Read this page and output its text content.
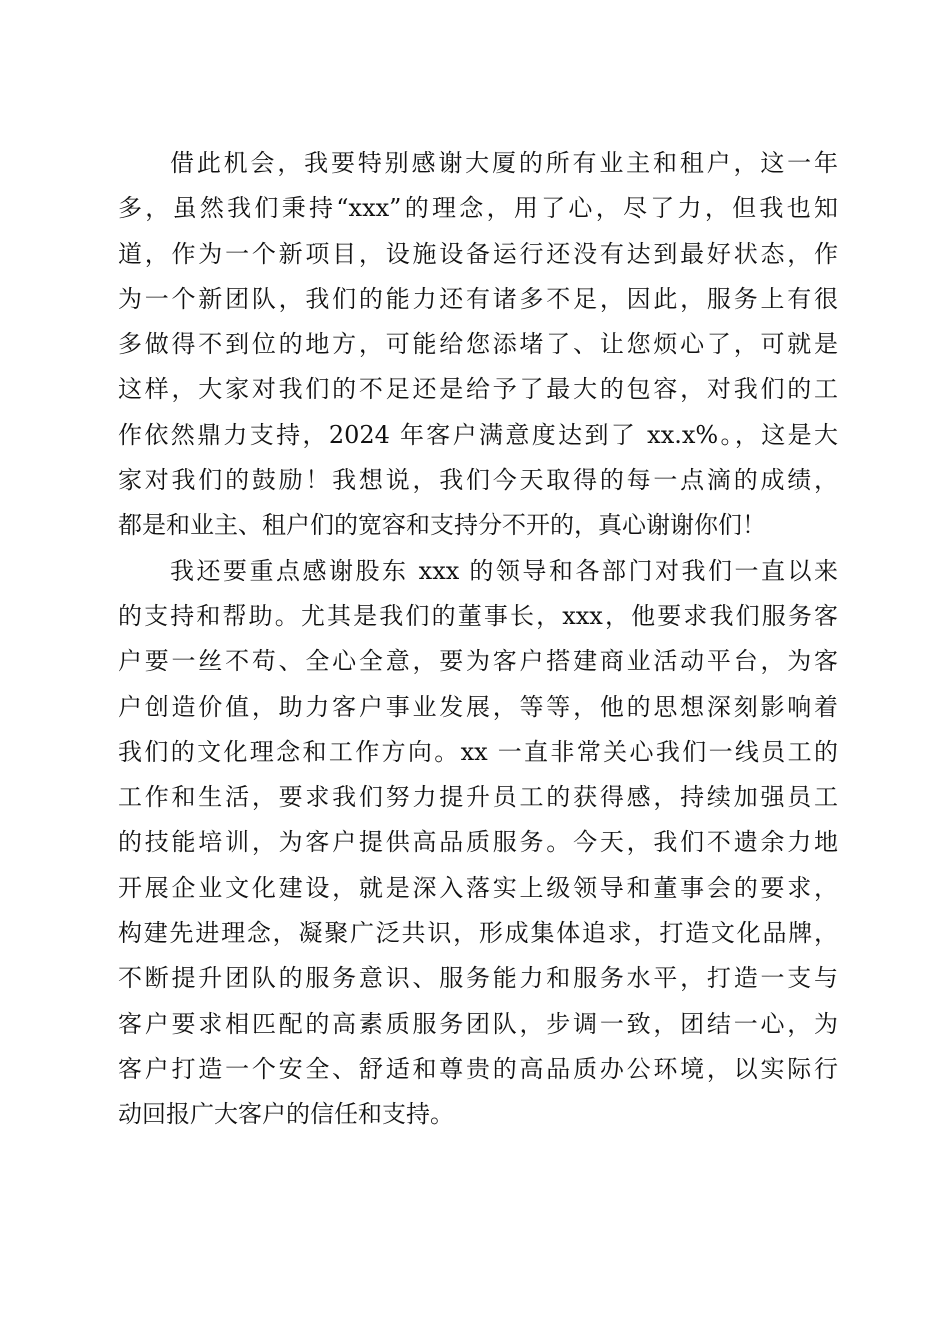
借此机会，我要特别感谢大厦的所有业主和租户，这一年
多，虽然我们秉持“xxx”的理念，用了心，尽了力，但我也知
道，作为一个新项目，设施设备运行还没有达到最好状态，作
为一个新团队，我们的能力还有诸多不足，因此，服务上有很
多做得不到位的地方，可能给您添堵了、让您烦心了，可就是
这样，大家对我们的不足还是给予了最大的包容，对我们的工
作依然鼎力支持，2024 年客户满意度达到了 xx.x%。，这是大
家对我们的鼓励！我想说，我们今天取得的每一点滴的成绩，
都是和业主、租户们的宽容和支持分不开的，真心谢谢你们！
我还要重点感谢股东 xxx 的领导和各部门对我们一直以来
的支持和帮助。尤其是我们的董事长，xxx，他要求我们服务客
户要一丝不苟、全心全意，要为客户搭建商业活动平台，为客
户创造价值，助力客户事业发展，等等，他的思想深刻影响着
我们的文化理念和工作方向。xx 一直非常关心我们一线员工的
工作和生活，要求我们努力提升员工的获得感，持续加强员工
的技能培训，为客户提供高品质服务。今天，我们不遗余力地
开展企业文化建设，就是深入落实上级领导和董事会的要求，
构建先进理念，凝聚广泛共识，形成集体追求，打造文化品牌，
不断提升团队的服务意识、服务能力和服务水平，打造一支与
客户要求相匹配的高素质服务团队，步调一致，团结一心，为
客户打造一个安全、舒适和尊贵的高品质办公环境，以实际行
动回报广大客户的信任和支持。
